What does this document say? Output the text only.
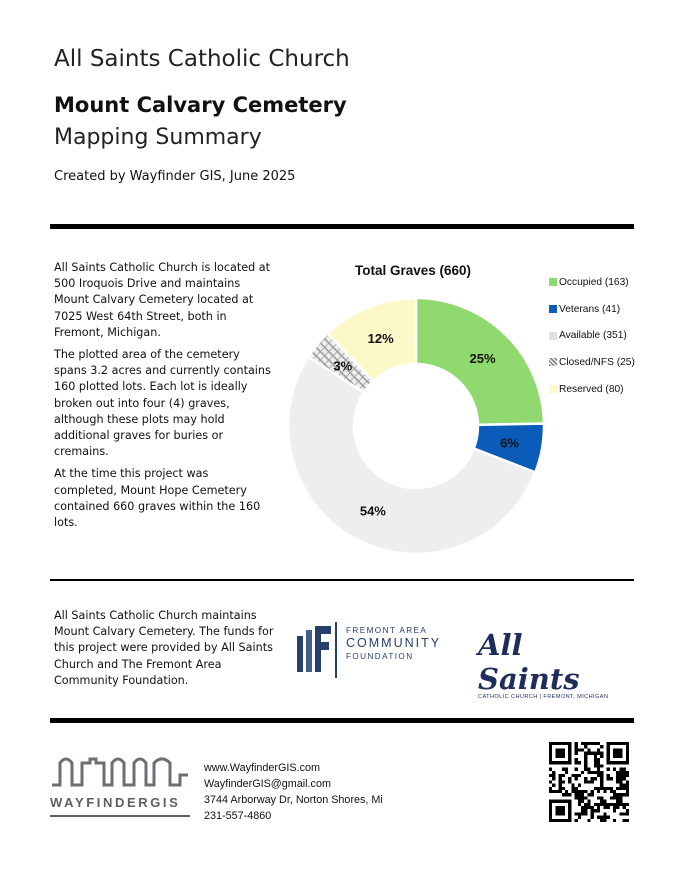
All Saints Catholic Church
Mount Calvary Cemetery
Mapping Summary
Created by Wayfinder GIS, June 2025

All Saints Catholic Church is located at 500 Iroquois Drive and maintains Mount Calvary Cemetery located at 7025 West 64th Street, both in Fremont, Michigan.

The plotted area of the cemetery spans 3.2 acres and currently contains 160 plotted lots. Each lot is ideally broken out into four (4) graves, although these plots may hold additional graves for buries or cremains.

At the time this project was completed, Mount Hope Cemetery contained 660 graves within the 160 lots.

Total Graves (660)
25%
6%
54%
3%
12%
Occupied (163)
Veterans (41)
Available (351)
Closed/NFS (25)
Reserved (80)
All Saints Catholic Church maintains Mount Calvary Cemetery. The funds for this project were provided by All Saints Church and The Fremont Area Community Foundation.
FREMONT AREA
COMMUNITY
FOUNDATION	All Saints
CATHOLIC CHURCH | FREMONT, MICHIGAN
WAYFINDERGIS
www.WayfinderGIS.com
WayfinderGIS@gmail.com
3744 Arborway Dr, Norton Shores, Mi
231-557-4860
